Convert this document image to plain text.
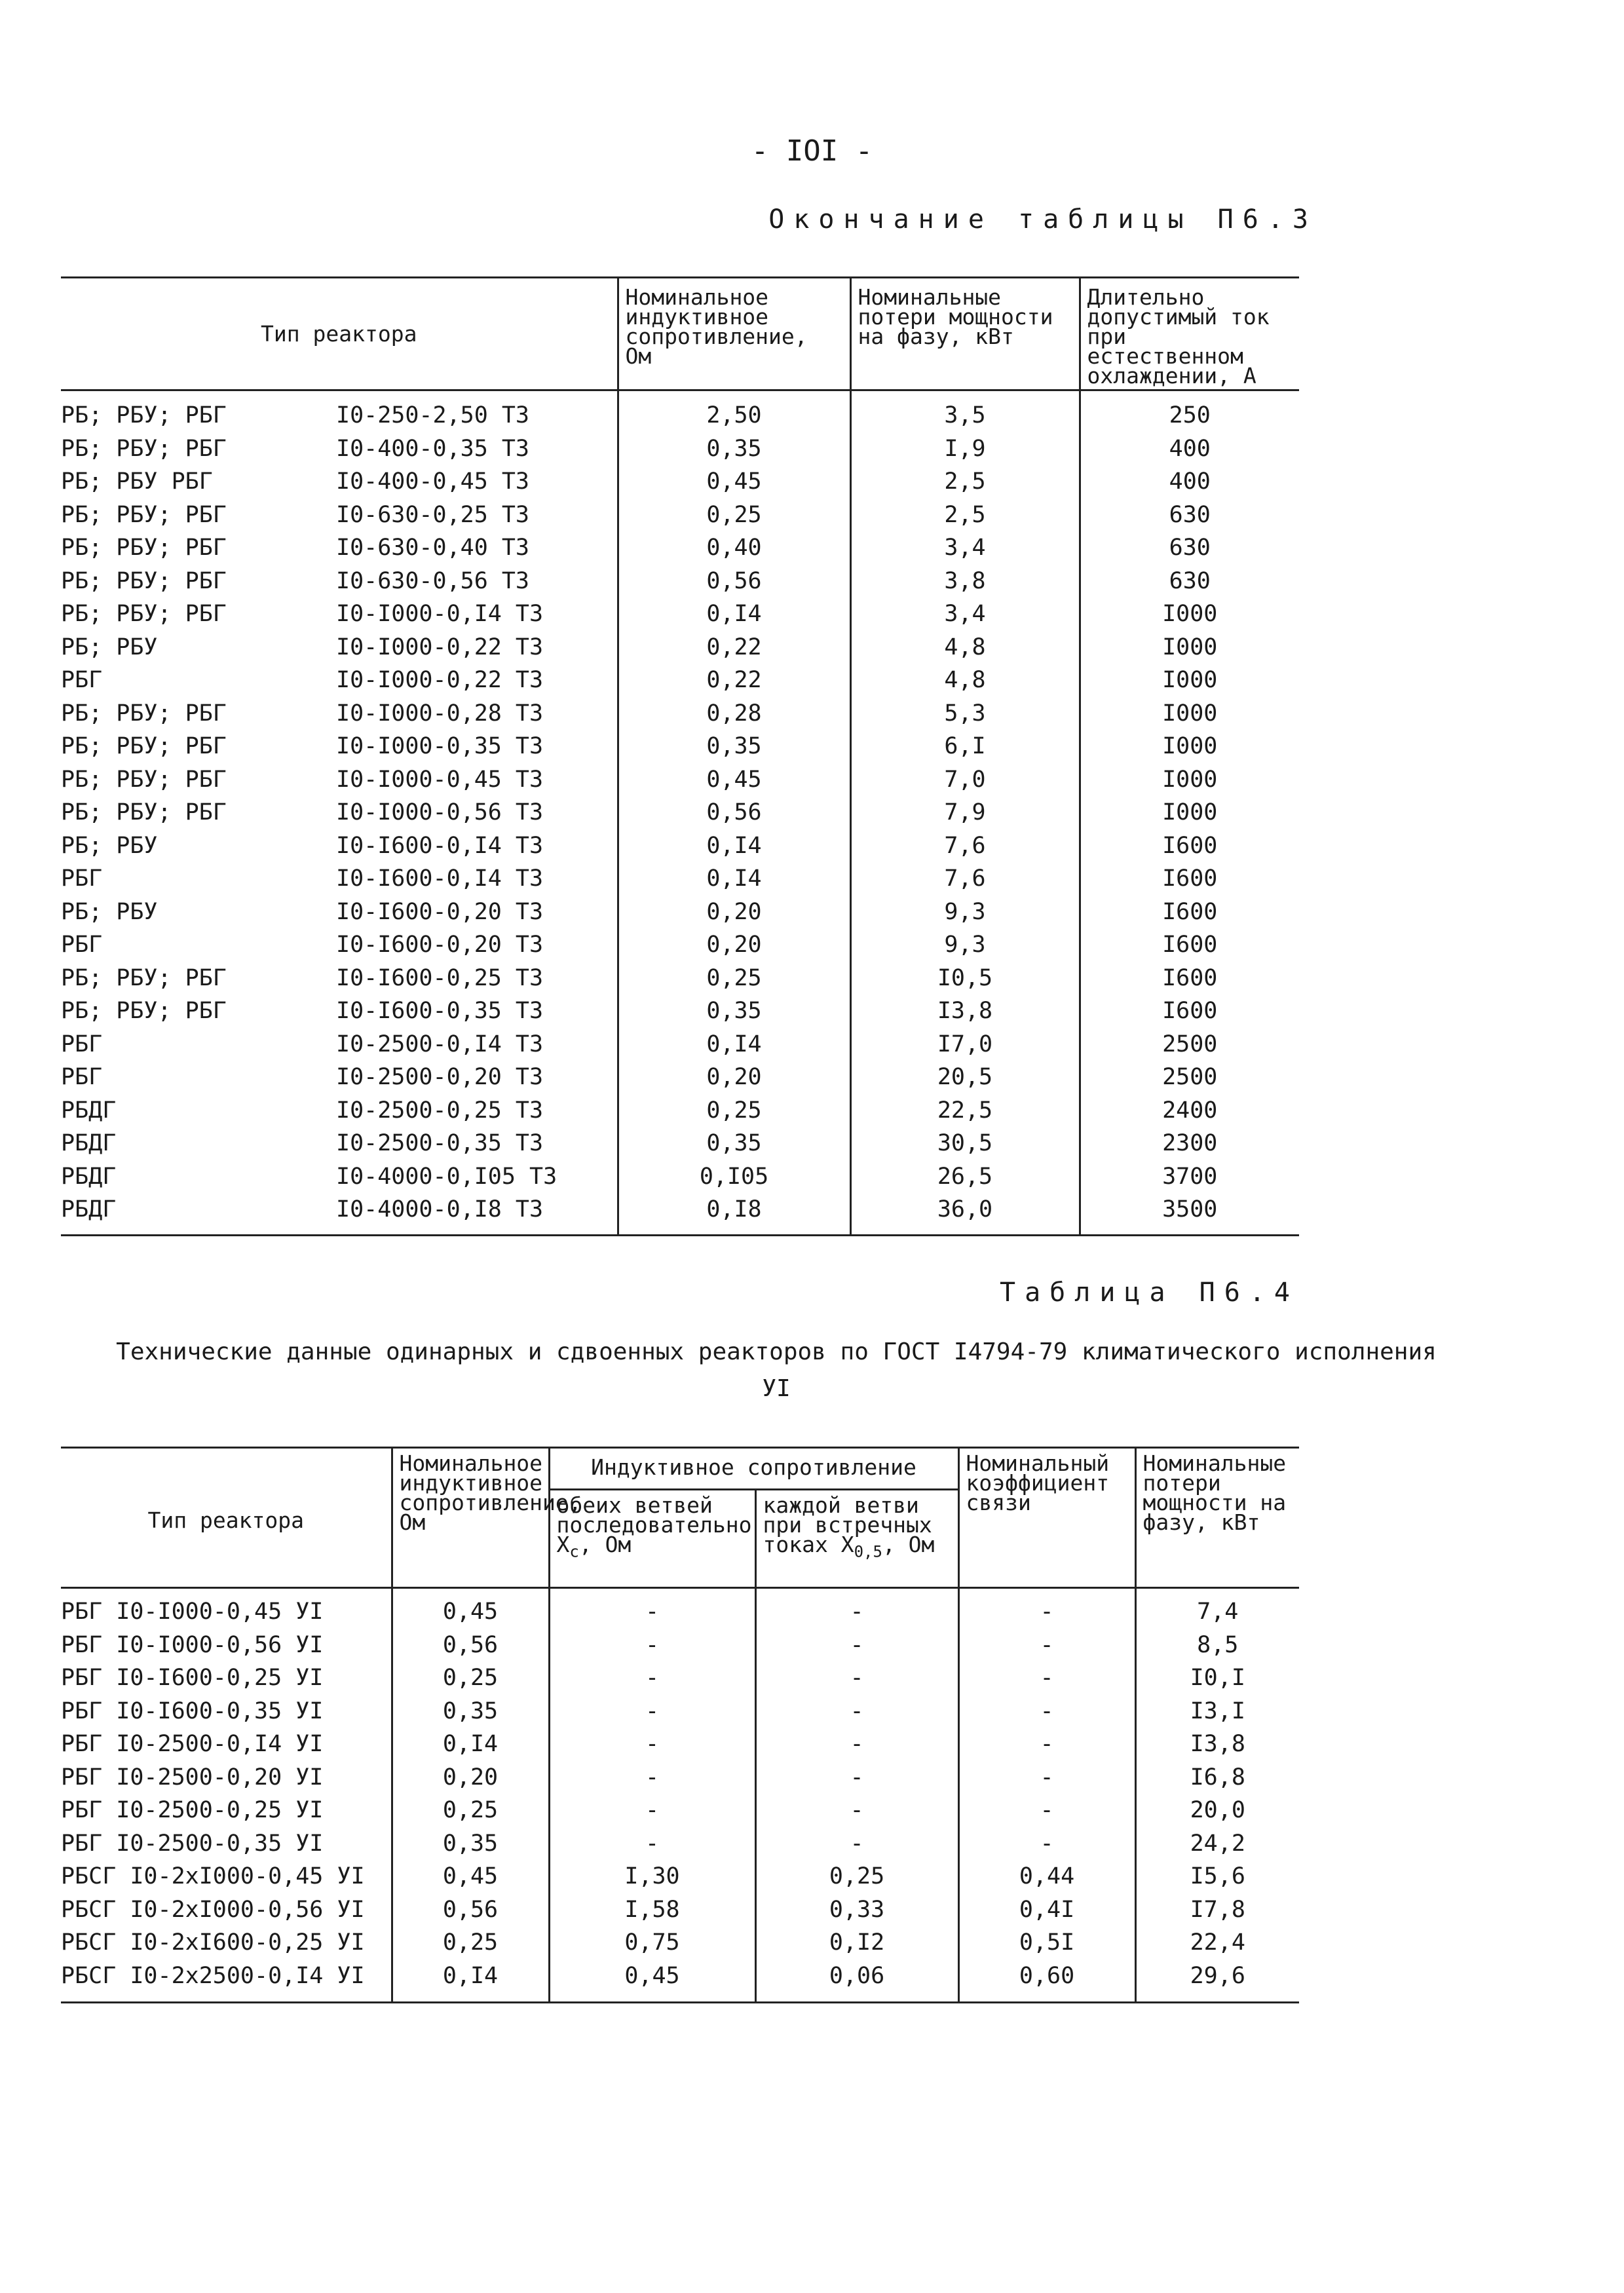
- IOI -
Окончание таблицы П6.3
Тип реактора	Номинальное индуктивное сопротивление, Ом	Номинальные потери мощности на фазу, кВт	Длительно допустимый ток при естественном охлаждении, А

РБ; РБУ; РБГ I0-250-2,50 Т3	2,50	3,5	250

РБ; РБУ; РБГ I0-400-0,35 Т3	0,35	I,9	400

РБ; РБУ РБГ I0-400-0,45 Т3	0,45	2,5	400

РБ; РБУ; РБГ I0-630-0,25 Т3	0,25	2,5	630

РБ; РБУ; РБГ I0-630-0,40 Т3	0,40	3,4	630

РБ; РБУ; РБГ I0-630-0,56 Т3	0,56	3,8	630

РБ; РБУ; РБГ I0-I000-0,I4 Т3	0,I4	3,4	I000

РБ; РБУ I0-I000-0,22 Т3	0,22	4,8	I000

РБГ I0-I000-0,22 Т3	0,22	4,8	I000

РБ; РБУ; РБГ I0-I000-0,28 Т3	0,28	5,3	I000

РБ; РБУ; РБГ I0-I000-0,35 Т3	0,35	6,I	I000

РБ; РБУ; РБГ I0-I000-0,45 Т3	0,45	7,0	I000

РБ; РБУ; РБГ I0-I000-0,56 Т3	0,56	7,9	I000

РБ; РБУ I0-I600-0,I4 Т3	0,I4	7,6	I600

РБГ I0-I600-0,I4 Т3	0,I4	7,6	I600

РБ; РБУ I0-I600-0,20 Т3	0,20	9,3	I600

РБГ I0-I600-0,20 Т3	0,20	9,3	I600

РБ; РБУ; РБГ I0-I600-0,25 Т3	0,25	I0,5	I600

РБ; РБУ; РБГ I0-I600-0,35 Т3	0,35	I3,8	I600

РБГ I0-2500-0,I4 Т3	0,I4	I7,0	2500

РБГ I0-2500-0,20 Т3	0,20	20,5	2500

РБДГ I0-2500-0,25 Т3	0,25	22,5	2400

РБДГ I0-2500-0,35 Т3	0,35	30,5	2300

РБДГ I0-4000-0,I05 Т3	0,I05	26,5	3700

РБДГ I0-4000-0,I8 Т3	0,I8	36,0	3500
Таблица П6.4
Технические данные одинарных и сдвоенных реакторов по ГОСТ I4794-79 климатического исполнения УI
Тип реактора	Номинальное индуктивное сопротивление, Ом	Индуктивное сопротивление		Номинальный коэффициент связи	Номинальные потери мощности на фазу, кВт
		обеих ветвей последовательно $X_c$, Ом	каждой ветви при встречных токах $X_{0,5}$, Ом		
РБГ I0-I000-0,45 УI	0,45	-	-	-	7,4
РБГ I0-I000-0,56 УI	0,56	-	-	-	8,5
РБГ I0-I600-0,25 УI	0,25	-	-	-	I0,I
РБГ I0-I600-0,35 УI	0,35	-	-	-	I3,I
РБГ I0-2500-0,I4 УI	0,I4	-	-	-	I3,8
РБГ I0-2500-0,20 УI	0,20	-	-	-	I6,8
РБГ I0-2500-0,25 УI	0,25	-	-	-	20,0
РБГ I0-2500-0,35 УI	0,35	-	-	-	24,2
РБСГ I0-2xI000-0,45 УI	0,45	I,30	0,25	0,44	I5,6
РБСГ I0-2xI000-0,56 УI	0,56	I,58	0,33	0,4I	I7,8
РБСГ I0-2xI600-0,25 УI	0,25	0,75	0,I2	0,5I	22,4
РБСГ I0-2x2500-0,I4 УI	0,I4	0,45	0,06	0,60	29,6
